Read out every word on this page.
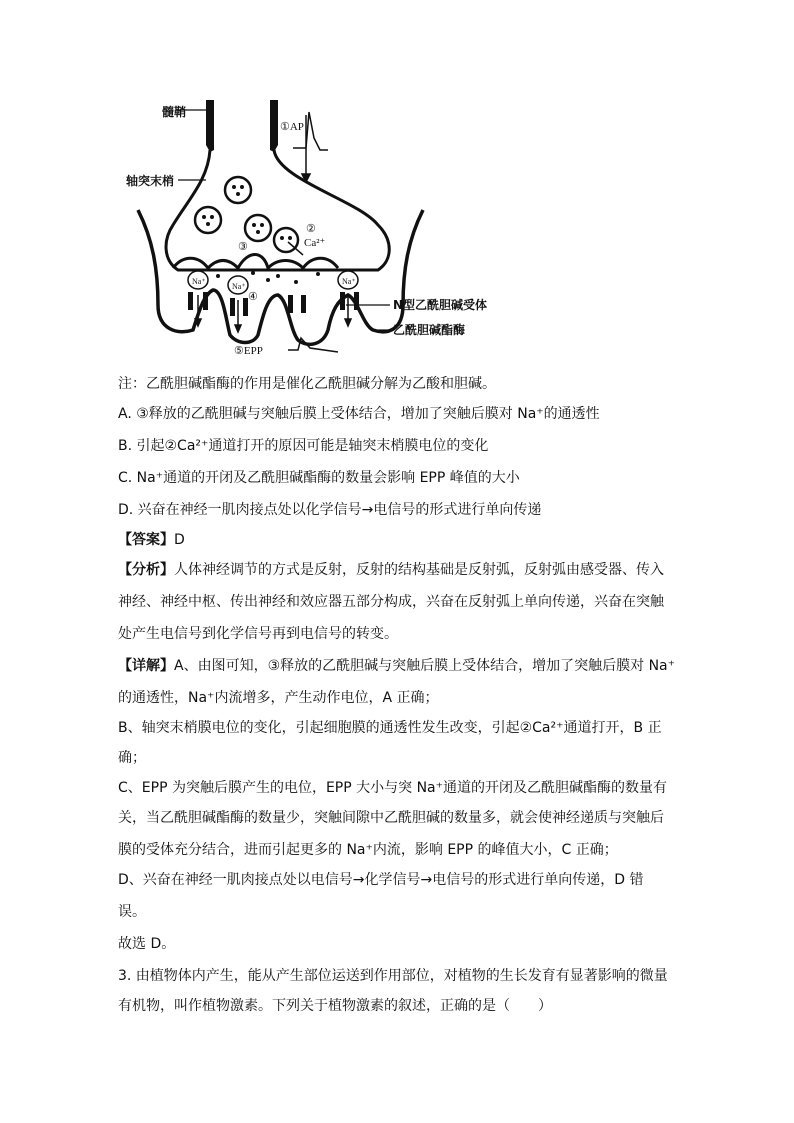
髓鞘
轴突末梢
①AP
②
Ca²⁺
③
④
Na⁺
Na⁺
Na⁺
N型乙酰胆碱受体
乙酰胆碱酯酶
⑤EPP
注：乙酰胆碱酯酶的作用是催化乙酰胆碱分解为乙酸和胆碱。
A. ③释放的乙酰胆碱与突触后膜上受体结合，增加了突触后膜对 Na⁺的通透性
B. 引起②Ca²⁺通道打开的原因可能是轴突末梢膜电位的变化
C. Na⁺通道的开闭及乙酰胆碱酯酶的数量会影响 EPP 峰值的大小
D. 兴奋在神经一肌肉接点处以化学信号→电信号的形式进行单向传递
【答案】D
【分析】人体神经调节的方式是反射，反射的结构基础是反射弧，反射弧由感受器、传入
神经、神经中枢、传出神经和效应器五部分构成，兴奋在反射弧上单向传递，兴奋在突触
处产生电信号到化学信号再到电信号的转变。
【详解】A、由图可知，③释放的乙酰胆碱与突触后膜上受体结合，增加了突触后膜对 Na⁺
的通透性，Na⁺内流增多，产生动作电位，A 正确；
B、轴突末梢膜电位的变化，引起细胞膜的通透性发生改变，引起②Ca²⁺通道打开，B 正
确；
C、EPP 为突触后膜产生的电位，EPP 大小与突 Na⁺通道的开闭及乙酰胆碱酯酶的数量有
关，当乙酰胆碱酯酶的数量少，突触间隙中乙酰胆碱的数量多，就会使神经递质与突触后
膜的受体充分结合，进而引起更多的 Na⁺内流，影响 EPP 的峰值大小，C 正确；
D、兴奋在神经一肌肉接点处以电信号→化学信号→电信号的形式进行单向传递，D 错
误。
故选 D。
3. 由植物体内产生，能从产生部位运送到作用部位，对植物的生长发育有显著影响的微量
有机物，叫作植物激素。下列关于植物激素的叙述，正确的是（　　）
